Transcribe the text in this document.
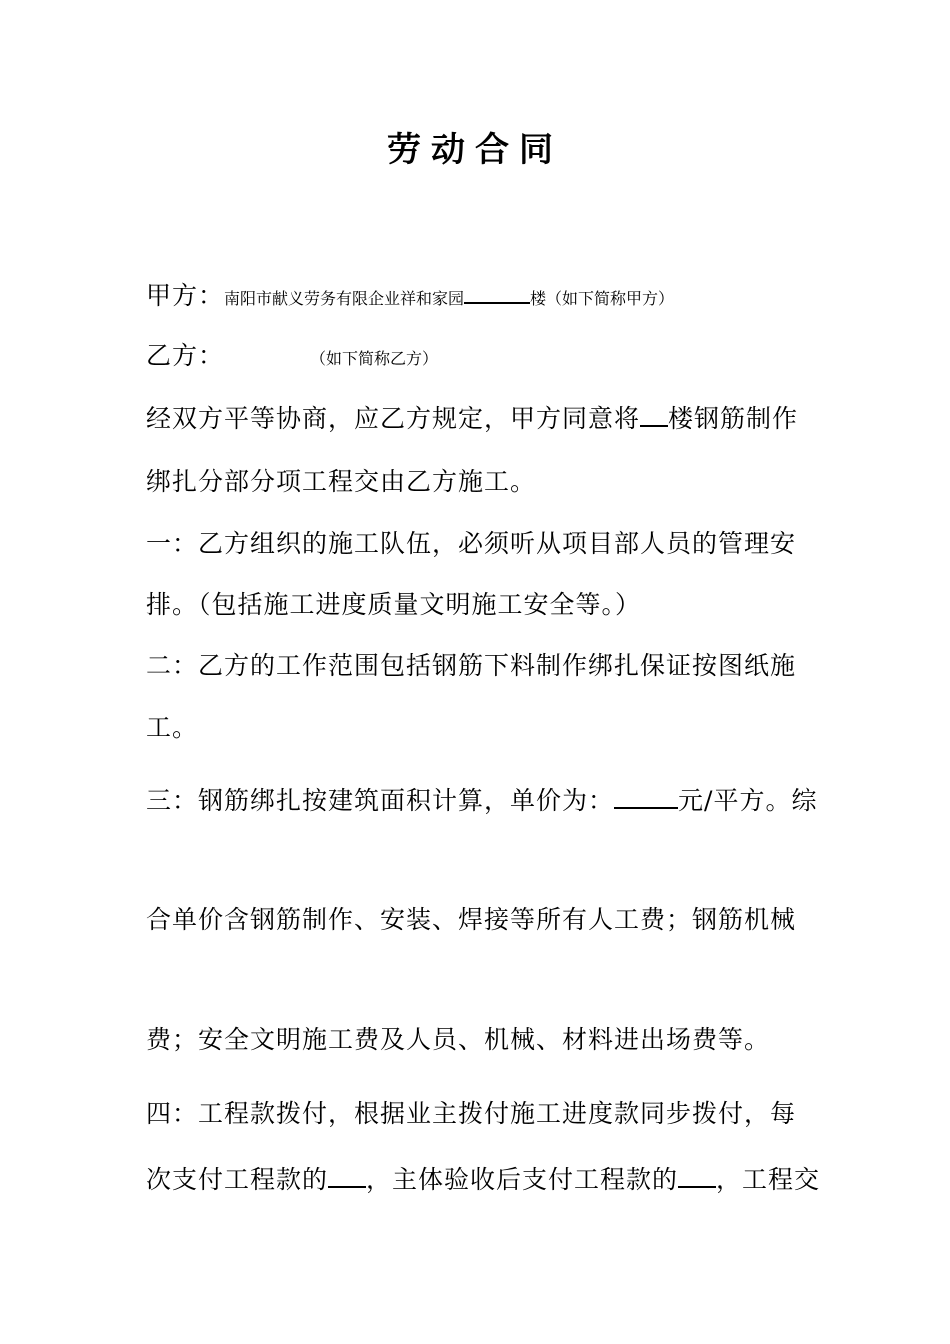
劳动合同
甲方：南阳市献义劳务有限企业祥和家园	楼（如下简称甲方）
乙方：	（如下简称乙方）
经双方平等协商，应乙方规定，甲方同意将 楼钢筋制作
绑扎分部分项工程交由乙方施工。
一：乙方组织的施工队伍，必须听从项目部人员的管理安
排。（包括施工进度质量文明施工安全等。）
二：乙方的工作范围包括钢筋下料制作绑扎保证按图纸施
工。
三：钢筋绑扎按建筑面积计算，单价为：	元/平方。综
合单价含钢筋制作、安装、焊接等所有人工费；钢筋机械
费；安全文明施工费及人员、机械、材料进出场费等。
四：工程款拨付，根据业主拨付施工进度款同步拨付，每
次支付工程款的 ，主体验收后支付工程款的 ，工程交
